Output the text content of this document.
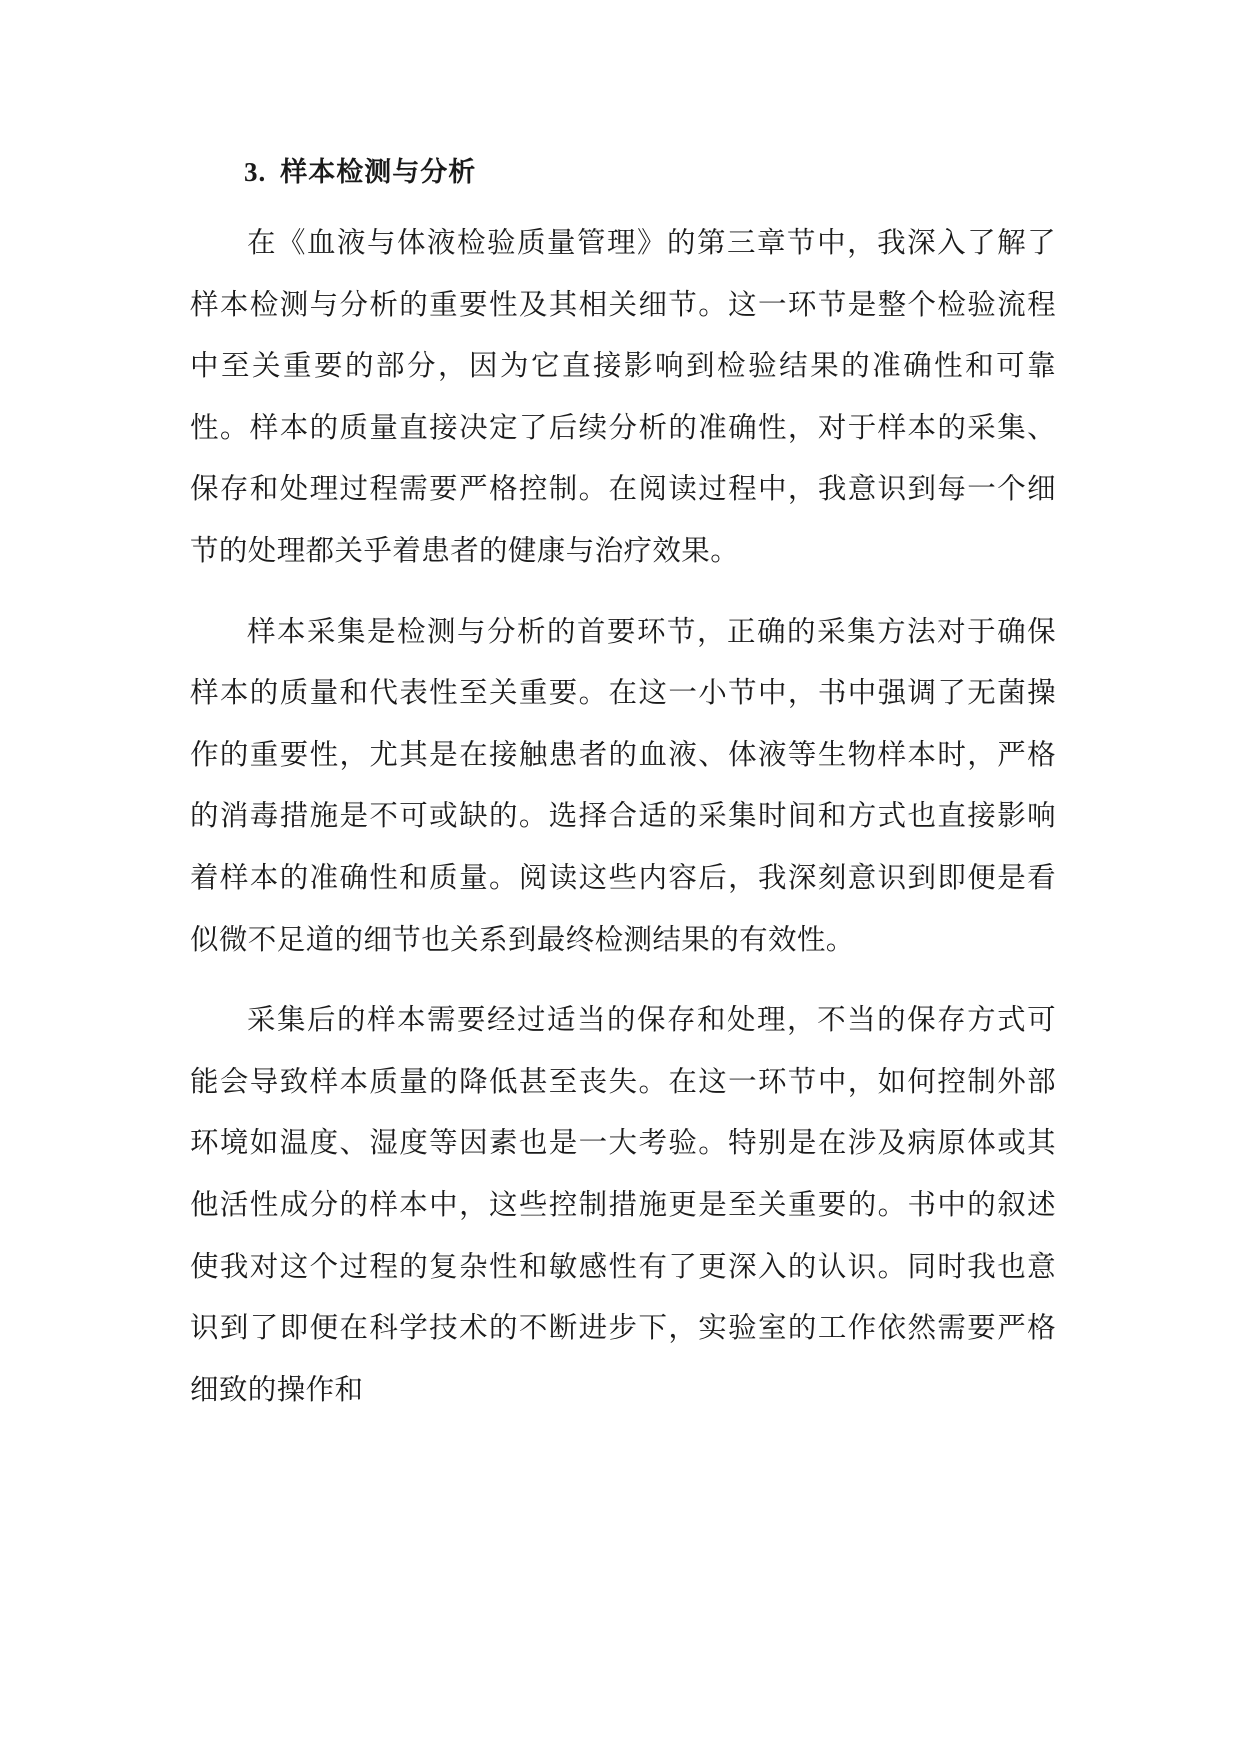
3. 样本检测与分析

在《血液与体液检验质量管理》的第三章节中，我深入了解了样本检测与分析的重要性及其相关细节。这一环节是整个检验流程中至关重要的部分，因为它直接影响到检验结果的准确性和可靠性。样本的质量直接决定了后续分析的准确性，对于样本的采集、保存和处理过程需要严格控制。在阅读过程中，我意识到每一个细节的处理都关乎着患者的健康与治疗效果。

样本采集是检测与分析的首要环节，正确的采集方法对于确保样本的质量和代表性至关重要。在这一小节中，书中强调了无菌操作的重要性，尤其是在接触患者的血液、体液等生物样本时，严格的消毒措施是不可或缺的。选择合适的采集时间和方式也直接影响着样本的准确性和质量。阅读这些内容后，我深刻意识到即便是看似微不足道的细节也关系到最终检测结果的有效性。

采集后的样本需要经过适当的保存和处理，不当的保存方式可能会导致样本质量的降低甚至丧失。在这一环节中，如何控制外部环境如温度、湿度等因素也是一大考验。特别是在涉及病原体或其他活性成分的样本中，这些控制措施更是至关重要的。书中的叙述使我对这个过程的复杂性和敏感性有了更深入的认识。同时我也意识到了即便在科学技术的不断进步下，实验室的工作依然需要严格细致的操作和
